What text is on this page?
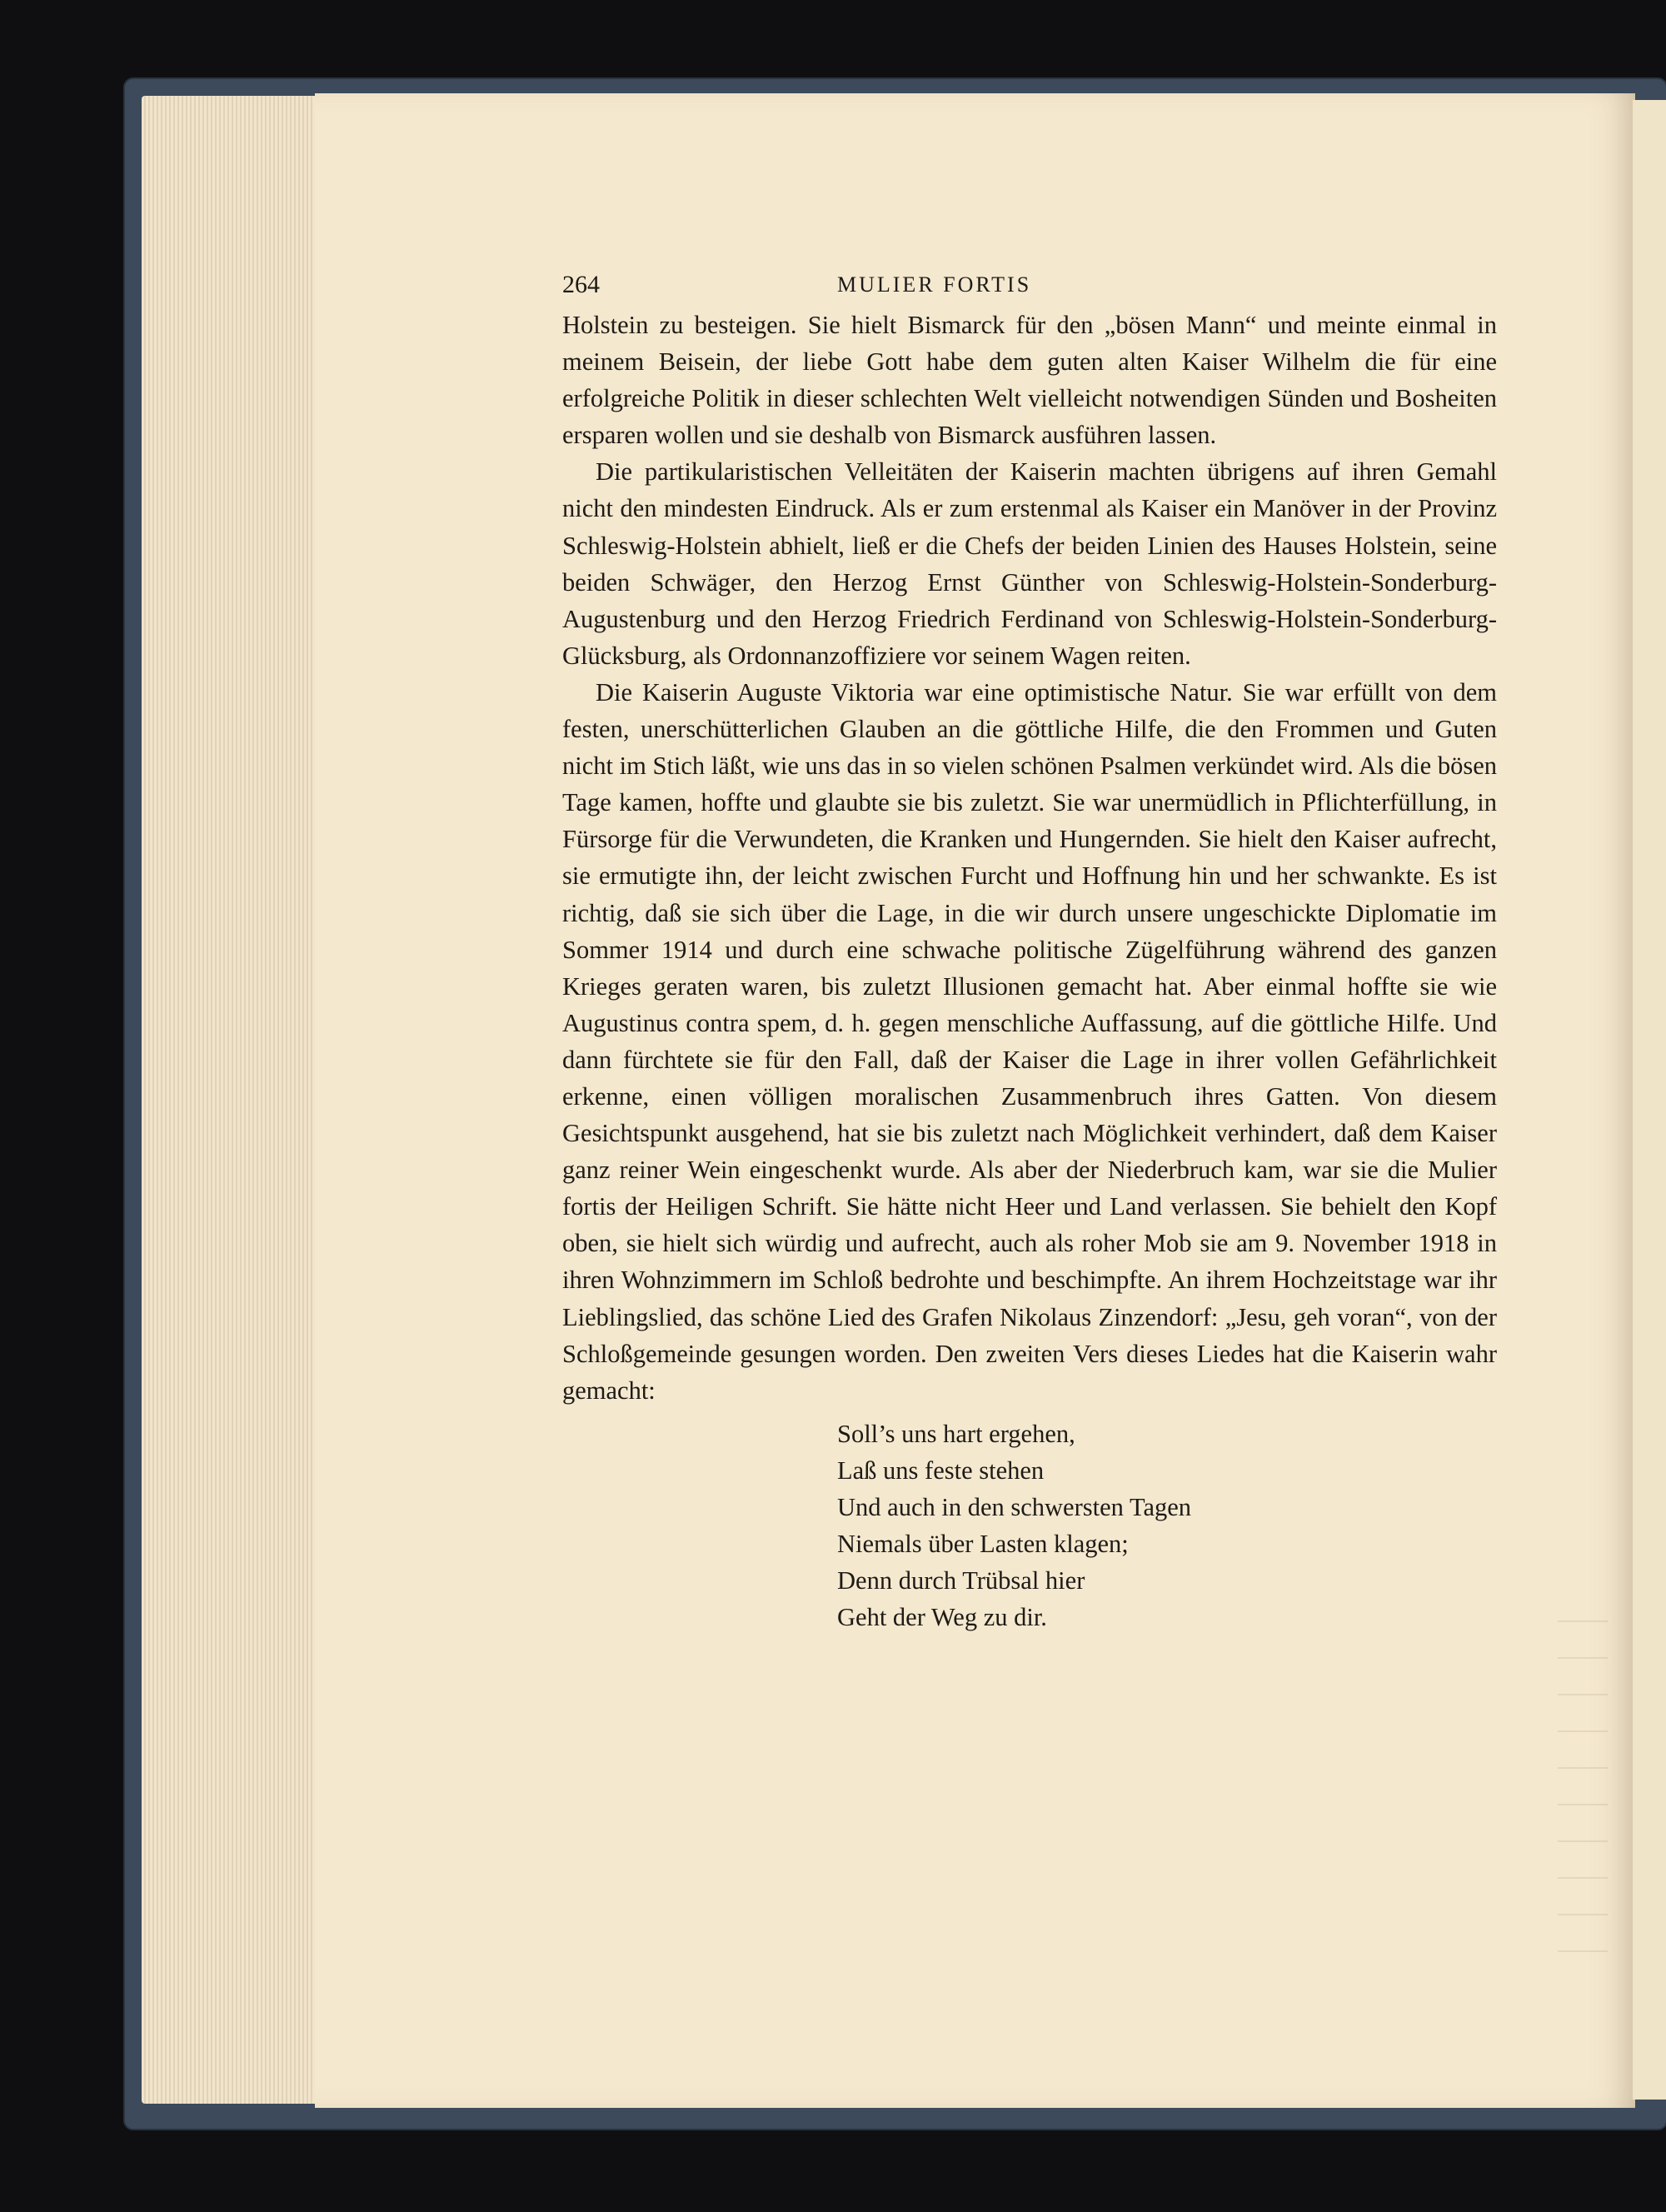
264	MULIER FORTIS

Holstein zu besteigen. Sie hielt Bismarck für den „bösen Mann“ und meinte einmal in meinem Beisein, der liebe Gott habe dem guten alten Kaiser Wilhelm die für eine erfolgreiche Politik in dieser schlechten Welt vielleicht notwendigen Sünden und Bosheiten ersparen wollen und sie deshalb von Bismarck ausführen lassen.

Die partikularistischen Velleitäten der Kaiserin machten übrigens auf ihren Gemahl nicht den mindesten Eindruck. Als er zum erstenmal als Kaiser ein Manöver in der Provinz Schleswig-Holstein abhielt, ließ er die Chefs der beiden Linien des Hauses Holstein, seine beiden Schwäger, den Herzog Ernst Günther von Schleswig-Holstein-Sonderburg-Augustenburg und den Herzog Friedrich Ferdinand von Schleswig-Holstein-Sonderburg-Glücksburg, als Ordonnanzoffiziere vor seinem Wagen reiten.

Die Kaiserin Auguste Viktoria war eine optimistische Natur. Sie war erfüllt von dem festen, unerschütterlichen Glauben an die göttliche Hilfe, die den Frommen und Guten nicht im Stich läßt, wie uns das in so vielen schönen Psalmen verkündet wird. Als die bösen Tage kamen, hoffte und glaubte sie bis zuletzt. Sie war unermüdlich in Pflichterfüllung, in Fürsorge für die Verwundeten, die Kranken und Hungernden. Sie hielt den Kaiser aufrecht, sie ermutigte ihn, der leicht zwischen Furcht und Hoffnung hin und her schwankte. Es ist richtig, daß sie sich über die Lage, in die wir durch unsere ungeschickte Diplomatie im Sommer 1914 und durch eine schwache politische Zügelführung während des ganzen Krieges geraten waren, bis zuletzt Illusionen gemacht hat. Aber einmal hoffte sie wie Augustinus contra spem, d. h. gegen menschliche Auffassung, auf die göttliche Hilfe. Und dann fürchtete sie für den Fall, daß der Kaiser die Lage in ihrer vollen Gefährlichkeit erkenne, einen völligen moralischen Zusammenbruch ihres Gatten. Von diesem Gesichtspunkt ausgehend, hat sie bis zuletzt nach Möglichkeit verhindert, daß dem Kaiser ganz reiner Wein eingeschenkt wurde. Als aber der Niederbruch kam, war sie die Mulier fortis der Heiligen Schrift. Sie hätte nicht Heer und Land verlassen. Sie behielt den Kopf oben, sie hielt sich würdig und aufrecht, auch als roher Mob sie am 9. November 1918 in ihren Wohnzimmern im Schloß bedrohte und beschimpfte. An ihrem Hochzeitstage war ihr Lieblingslied, das schöne Lied des Grafen Nikolaus Zinzendorf: „Jesu, geh voran“, von der Schloßgemeinde gesungen worden. Den zweiten Vers dieses Liedes hat die Kaiserin wahr gemacht:

Soll’s uns hart ergehen,
Laß uns feste stehen
Und auch in den schwersten Tagen
Niemals über Lasten klagen;
Denn durch Trübsal hier
Geht der Weg zu dir.
